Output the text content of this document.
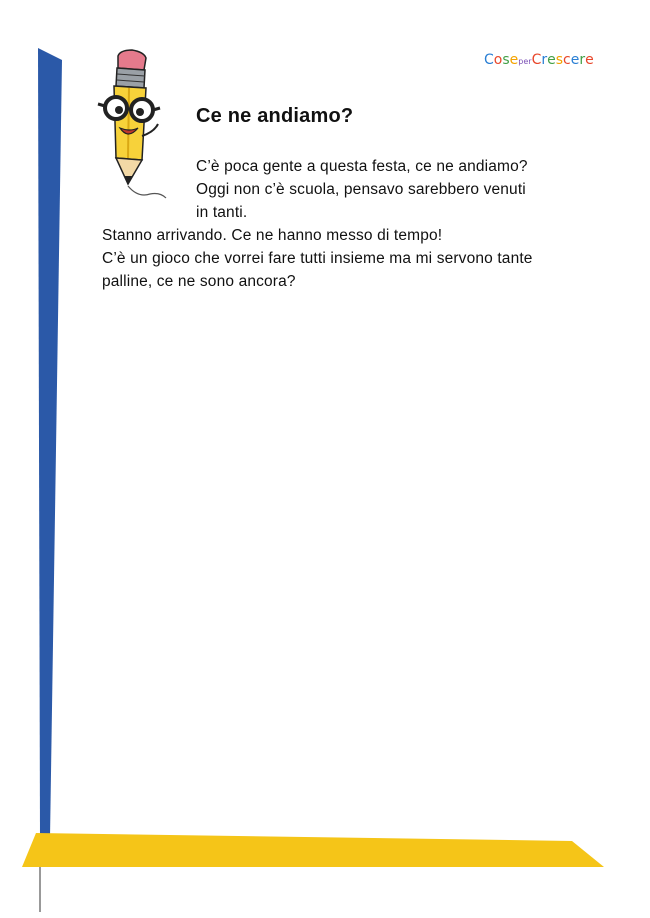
CoseperCrescere
Ce ne andiamo?
C’è poca gente a questa festa, ce ne andiamo?
Oggi non c’è scuola, pensavo sarebbero venuti
in tanti.
Stanno arrivando. Ce ne hanno messo di tempo!
C’è un gioco che vorrei fare tutti insieme ma mi servono tante
palline, ce ne sono ancora?
